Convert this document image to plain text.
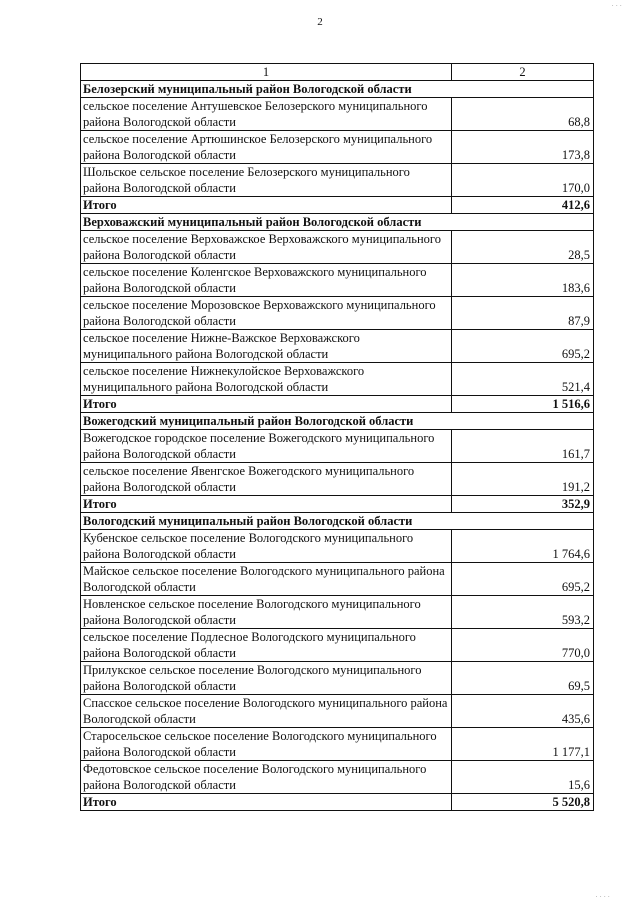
2
1	2
Белозерский муниципальный район Вологодской области	
сельское поселение Антушевское Белозерского муниципального района Вологодской области	68,8
сельское поселение Артюшинское Белозерского муниципального района Вологодской области	173,8
Шольское сельское поселение Белозерского муниципального района Вологодской области	170,0
Итого	412,6
Верховажский муниципальный район Вологодской области	
сельское поселение Верховажское Верховажского муниципального района Вологодской области	28,5
сельское поселение Коленгское Верховажского муниципального района Вологодской области	183,6
сельское поселение Морозовское Верховажского муниципального района Вологодской области	87,9
сельское поселение Нижне-Важское Верховажского муниципального района Вологодской области	695,2
сельское поселение Нижнекулойское Верховажского муниципального района Вологодской области	521,4
Итого	1 516,6
Вожегодский муниципальный район Вологодской области	
Вожегодское городское поселение Вожегодского муниципального района Вологодской области	161,7
сельское поселение Явенгское Вожегодского муниципального района Вологодской области	191,2
Итого	352,9
Вологодский муниципальный район Вологодской области	
Кубенское сельское поселение Вологодского муниципального района Вологодской области	1 764,6
Майское сельское поселение Вологодского муниципального района Вологодской области	695,2
Новленское сельское поселение Вологодского муниципального района Вологодской области	593,2
сельское поселение Подлесное Вологодского муниципального района Вологодской области	770,0
Прилукское сельское поселение Вологодского муниципального района Вологодской области	69,5
Спасское сельское поселение Вологодского муниципального района Вологодской области	435,6
Старосельское сельское поселение Вологодского муниципального района Вологодской области	1 177,1
Федотовское сельское поселение Вологодского муниципального района Вологодской области	15,6
Итого	5 520,8
· · ·
· · · ·
